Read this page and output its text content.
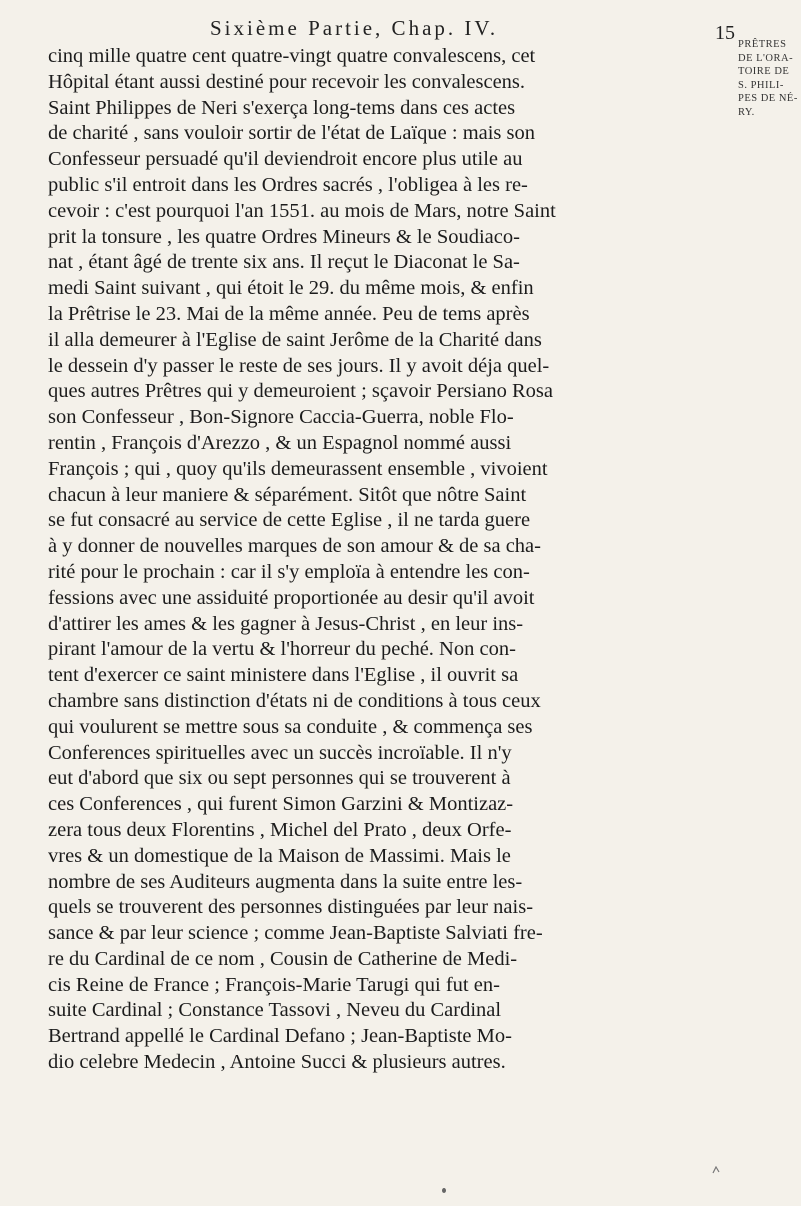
Sixième Partie, Chap. IV.	15
PRÊTRES
DE L'ORA-
TOIRE DE
S. PHILI-
PES DE NÉ-
RY.
cinq mille quatre cent quatre-vingt quatre convalescens, cet
Hôpital étant aussi destiné pour recevoir les convalescens.
Saint Philippes de Neri s'exerça long-tems dans ces actes
de charité , sans vouloir sortir de l'état de Laïque : mais son
Confesseur persuadé qu'il deviendroit encore plus utile au
public s'il entroit dans les Ordres sacrés , l'obligea à les re-
cevoir : c'est pourquoi l'an 1551. au mois de Mars, notre Saint
prit la tonsure , les quatre Ordres Mineurs & le Soudiaco-
nat , étant âgé de trente six ans. Il reçut le Diaconat le Sa-
medi Saint suivant , qui étoit le 29. du même mois, & enfin
la Prêtrise le 23. Mai de la même année. Peu de tems après
il alla demeurer à l'Eglise de saint Jerôme de la Charité dans
le dessein d'y passer le reste de ses jours. Il y avoit déja quel-
ques autres Prêtres qui y demeuroient ; sçavoir Persiano Rosa
son Confesseur , Bon-Signore Caccia-Guerra, noble Flo-
rentin , François d'Arezzo , & un Espagnol nommé aussi
François ; qui , quoy qu'ils demeurassent ensemble , vivoient
chacun à leur maniere & séparément. Sitôt que nôtre Saint
se fut consacré au service de cette Eglise , il ne tarda guere
à y donner de nouvelles marques de son amour & de sa cha-
rité pour le prochain : car il s'y emploïa à entendre les con-
fessions avec une assiduité proportionée au desir qu'il avoit
d'attirer les ames & les gagner à Jesus-Christ , en leur ins-
pirant l'amour de la vertu & l'horreur du peché. Non con-
tent d'exercer ce saint ministere dans l'Eglise , il ouvrit sa
chambre sans distinction d'états ni de conditions à tous ceux
qui voulurent se mettre sous sa conduite , & commença ses
Conferences spirituelles avec un succès incroïable. Il n'y
eut d'abord que six ou sept personnes qui se trouverent à
ces Conferences , qui furent Simon Garzini & Montizaz-
zera tous deux Florentins , Michel del Prato , deux Orfe-
vres & un domestique de la Maison de Massimi. Mais le
nombre de ses Auditeurs augmenta dans la suite entre les-
quels se trouverent des personnes distinguées par leur nais-
sance & par leur science ; comme Jean-Baptiste Salviati fre-
re du Cardinal de ce nom , Cousin de Catherine de Medi-
cis Reine de France ; François-Marie Tarugi qui fut en-
suite Cardinal ; Constance Tassovi , Neveu du Cardinal
Bertrand appellé le Cardinal Defano ; Jean-Baptiste Mo-
dio celebre Medecin , Antoine Succi & plusieurs autres.
